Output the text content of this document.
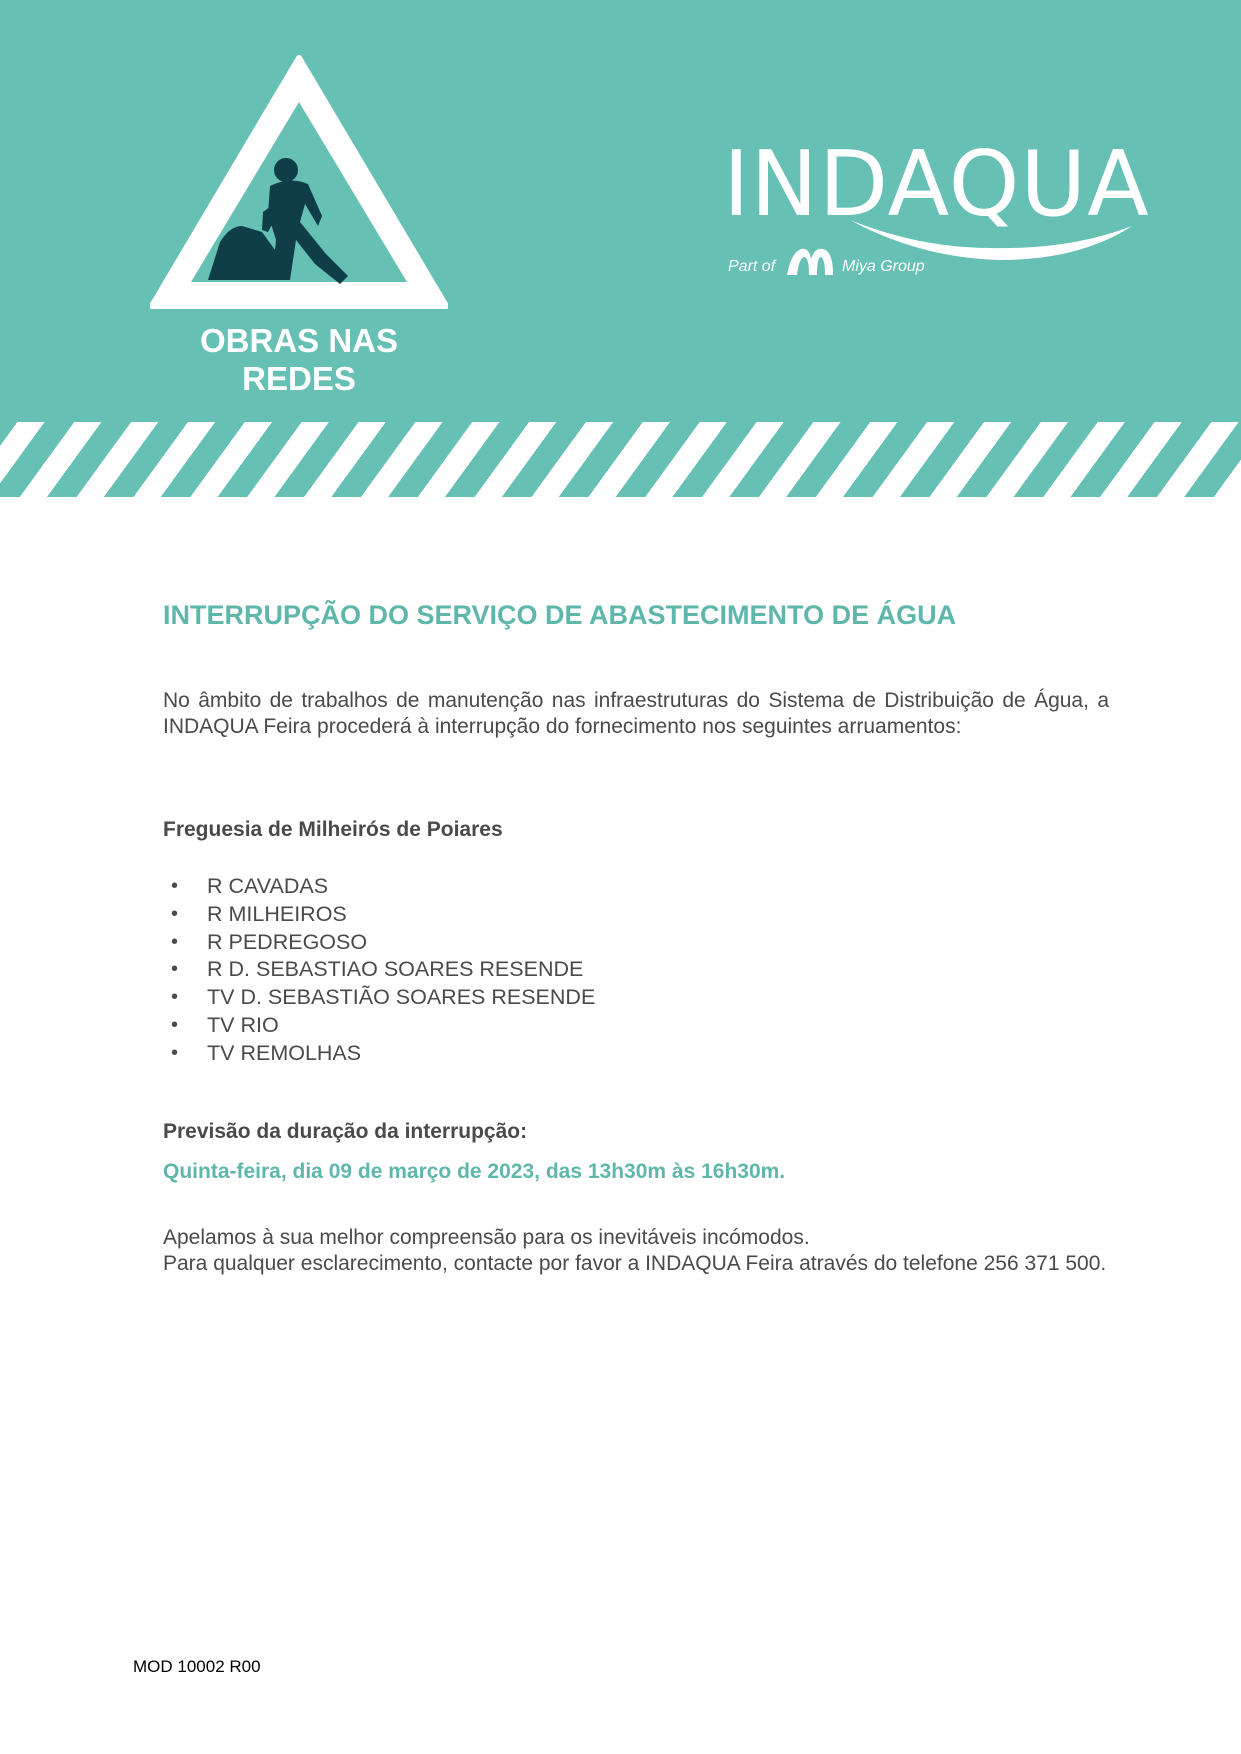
OBRAS NAS REDES
INDAQUA
Part of	Miya Group
INTERRUPÇÃO DO SERVIÇO DE ABASTECIMENTO DE ÁGUA
No âmbito de trabalhos de manutenção nas infraestruturas do Sistema de Distribuição de Água, a INDAQUA Feira procederá à interrupção do fornecimento nos seguintes arruamentos:
Freguesia de Milheirós de Poiares
• R CAVADAS
• R MILHEIROS
• R PEDREGOSO
• R D. SEBASTIAO SOARES RESENDE
• TV D. SEBASTIÃO SOARES RESENDE
• TV RIO
• TV REMOLHAS
Previsão da duração da interrupção:
Quinta-feira, dia 09 de março de 2023, das 13h30m às 16h30m.
Apelamos à sua melhor compreensão para os inevitáveis incómodos.
Para qualquer esclarecimento, contacte por favor a INDAQUA Feira através do telefone 256 371 500.
MOD 10002 R00
